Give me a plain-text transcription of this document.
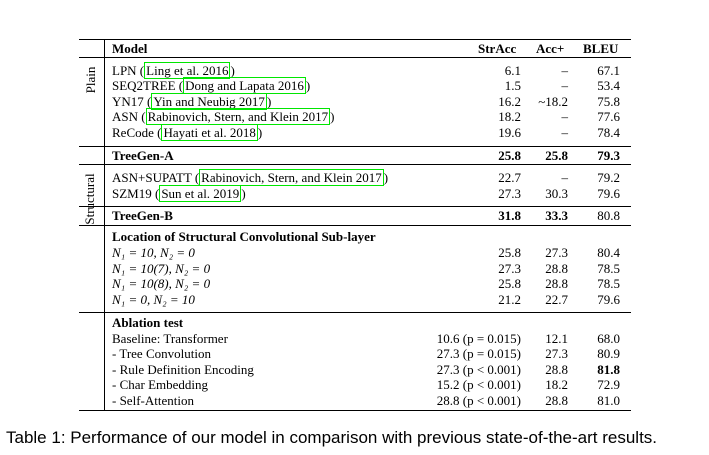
Model	StrAcc Acc+ BLEU
Plain
Structural
LPN ( Ling et al. 2016 )	6.1	– 67.1
SEQ2TREE ( Dong and Lapata 2016 )	1.5	– 53.4
YN17 ( Yin and Neubig 2017 )	16.2 ~18.2 75.8
ASN ( Rabinovich, Stern, and Klein 2017 )	18.2	– 77.6
ReCode ( Hayati et al. 2018 )	19.6	– 78.4
TreeGen-A	25.8 25.8 79.3
ASN+SUPATT ( Rabinovich, Stern, and Klein 2017 )	22.7	– 79.2
SZM19 ( Sun et al. 2019 )	27.3 30.3 79.6
TreeGen-B	31.8 33.3 80.8
Location of Structural Convolutional Sub-layer
N₁ = 10, N₂ = 0	25.8 27.3 80.4
N₁ = 10(7), N₂ = 0	27.3 28.8 78.5
N₁ = 10(8), N₂ = 0	25.8 28.8 78.5
N₁ = 0, N₂ = 10	21.2 22.7 79.6
Ablation test
Baseline: Transformer	10.6 (p = 0.015) 12.1 68.0
- Tree Convolution	27.3 (p = 0.015) 27.3 80.9
- Rule Definition Encoding	27.3 (p < 0.001) 28.8 81.8
- Char Embedding	15.2 (p < 0.001) 18.2 72.9
- Self-Attention	28.8 (p < 0.001) 28.8 81.0
Table 1: Performance of our model in comparison with previous state-of-the-art results.
